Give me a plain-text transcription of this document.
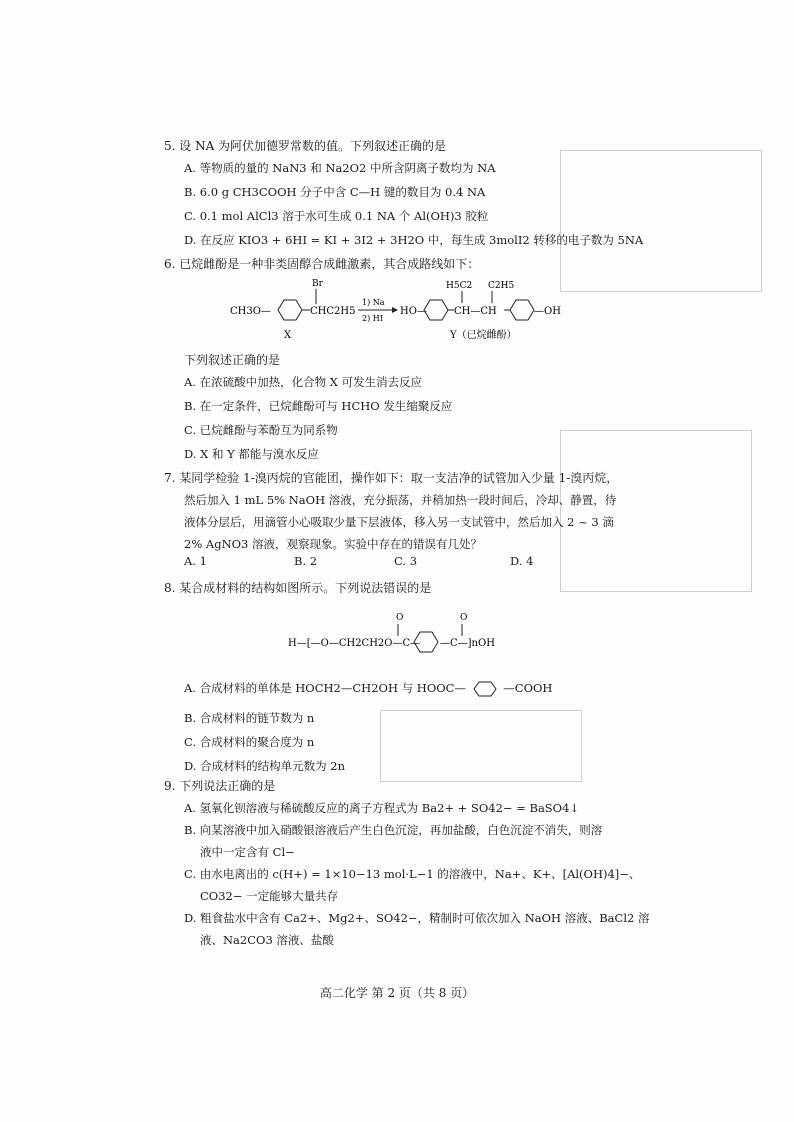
5. 设 NA 为阿伏加德罗常数的值。下列叙述正确的是
A. 等物质的量的 NaN3 和 Na2O2 中所含阴离子数均为 NA
B. 6.0 g CH3COOH 分子中含 C—H 键的数目为 0.4 NA
C. 0.1 mol AlCl3 溶于水可生成 0.1 NA 个 Al(OH)3 胶粒
D. 在反应 KIO3 + 6HI = KI + 3I2 + 3H2O 中，每生成 3molI2 转移的电子数为 5NA
6. 已烷雌酚是一种非类固醇合成雌激素，其合成路线如下：
CH3O—
Br
CHC2H5
X
1) Na
2) HI
HO—
H5C2 C2H5
CH—CH	—OH
Y（已烷雌酚）
下列叙述正确的是
A. 在浓硫酸中加热，化合物 X 可发生消去反应
B. 在一定条件，已烷雌酚可与 HCHO 发生缩聚反应
C. 已烷雌酚与苯酚互为同系物
D. X 和 Y 都能与溴水反应
7. 某同学检验 1-溴丙烷的官能团，操作如下：取一支洁净的试管加入少量 1-溴丙烷，
然后加入 1 mL 5% NaOH 溶液，充分振荡，并稍加热一段时间后，冷却、静置，待
液体分层后，用滴管小心吸取少量下层液体，移入另一支试管中，然后加入 2 ~ 3 滴
2% AgNO3 溶液，观察现象。实验中存在的错误有几处？
A. 1	B. 2	C. 3	D. 4
8. 某合成材料的结构如图所示。下列说法错误的是
H—[—O—CH2CH2O—C—
O	O
—C—]nOH
A. 合成材料的单体是 HOCH2—CH2OH 与 HOOC—	—COOH
B. 合成材料的链节数为 n
C. 合成材料的聚合度为 n
D. 合成材料的结构单元数为 2n
9. 下列说法正确的是
A. 氢氧化钡溶液与稀硫酸反应的离子方程式为 Ba2+ + SO42− = BaSO4↓
B. 向某溶液中加入硝酸银溶液后产生白色沉淀，再加盐酸，白色沉淀不消失，则溶
液中一定含有 Cl−
C. 由水电离出的 c(H+) = 1×10−13 mol·L−1 的溶液中，Na+、K+、[Al(OH)4]−、
CO32− 一定能够大量共存
D. 粗食盐水中含有 Ca2+、Mg2+、SO42−，精制时可依次加入 NaOH 溶液、BaCl2 溶
液、Na2CO3 溶液、盐酸
高二化学 第 2 页（共 8 页）
